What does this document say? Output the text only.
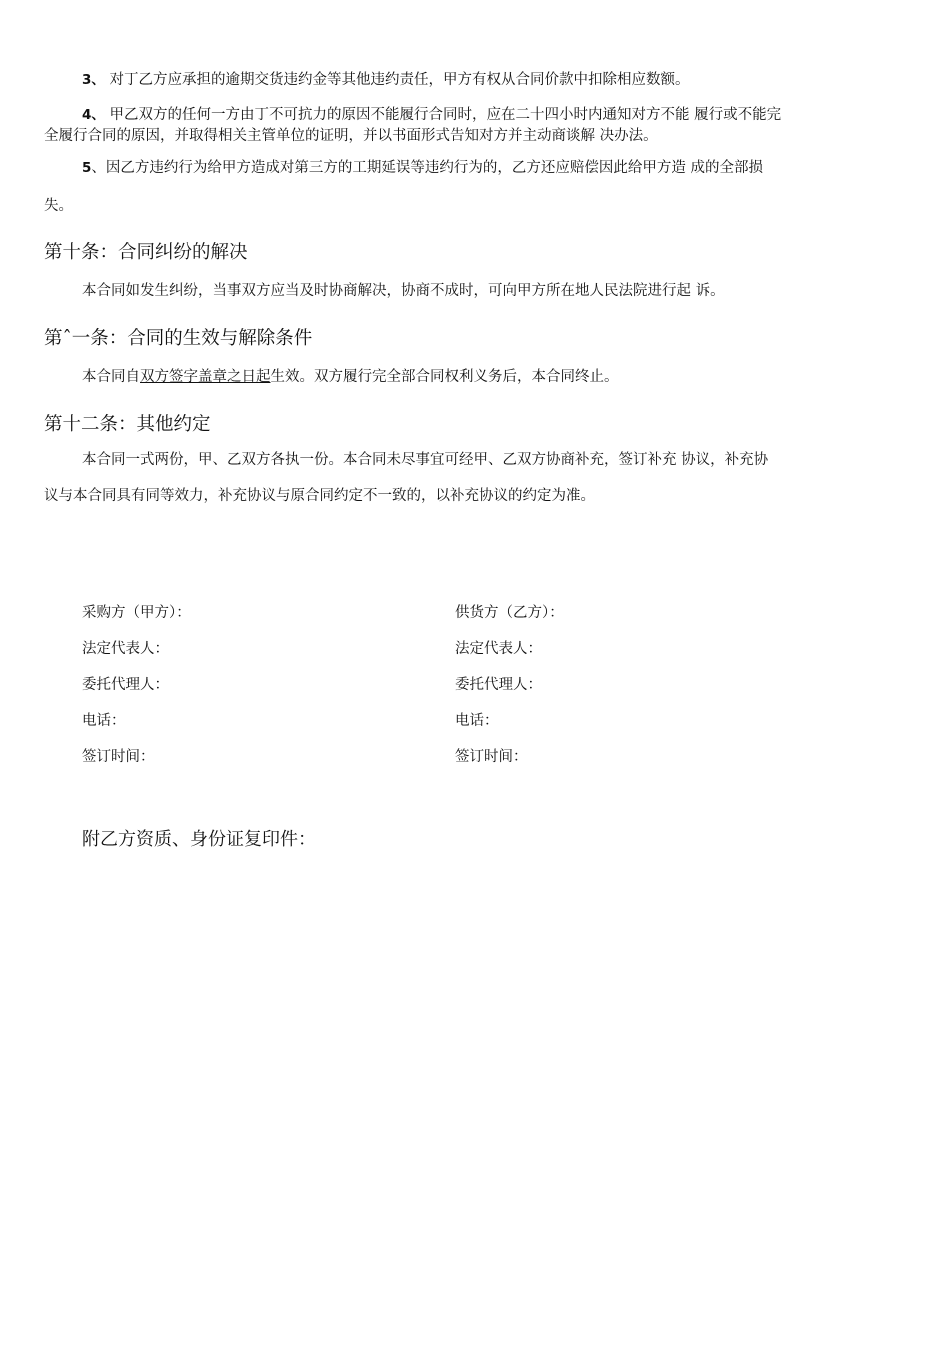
3、 对丁乙方应承担的逾期交货违约金等其他违约责任，甲方有权从合同价款中扣除相应数额。

4、 甲乙双方的任何一方由丁不可抗力的原因不能履行合同时，应在二十四小时内通知对方不能 履行或不能完

全履行合同的原因，并取得相关主管单位的证明，并以书面形式告知对方并主动商谈解 决办法。

5、因乙方违约行为给甲方造成对第三方的工期延误等违约行为的，乙方还应赔偿因此给甲方造 成的全部损

失。

第十条：合同纠纷的解决

本合同如发生纠纷，当事双方应当及时协商解决，协商不成时，可向甲方所在地人民法院进行起 诉。

第ˆ一条：合同的生效与解除条件

本合同自双方签字盖章之日起生效。双方履行完全部合同权利义务后，本合同终止。

第十二条：其他约定

本合同一式两份，甲、乙双方各执一份。本合同未尽事宜可经甲、乙双方协商补充，签订补充 协议，补充协

议与本合同具有同等效力，补充协议与原合同约定不一致的，以补充协议的约定为准。

采购方（甲方）：
法定代表人：
委托代理人：
电话：
签订时间：
供货方（乙方）：
法定代表人：
委托代理人：
电话：
签订时间：
附乙方资质、身份证复印件：
